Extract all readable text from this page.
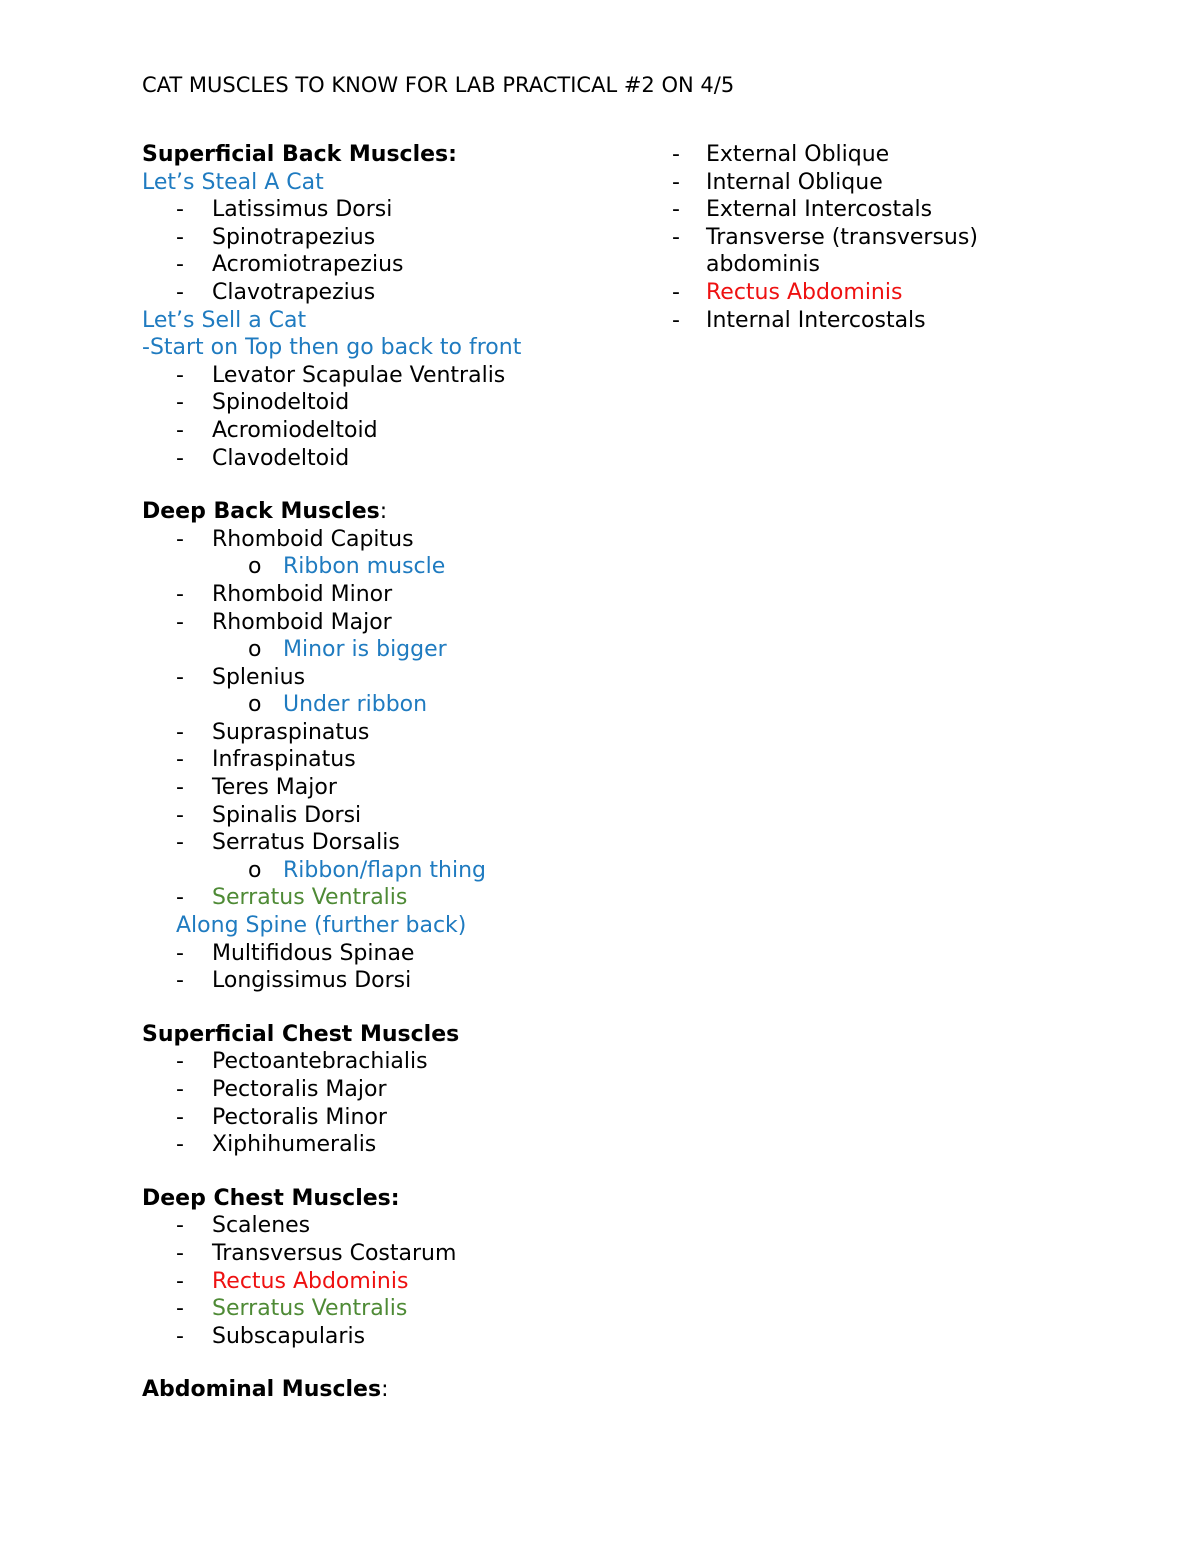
CAT MUSCLES TO KNOW FOR LAB PRACTICAL #2 ON 4/5
Superficial Back Muscles:
Let’s Steal A Cat
- Latissimus Dorsi
- Spinotrapezius
- Acromiotrapezius
- Clavotrapezius
Let’s Sell a Cat
-Start on Top then go back to front
- Levator Scapulae Ventralis
- Spinodeltoid
- Acromiodeltoid
- Clavodeltoid
Deep Back Muscles:
- Rhomboid Capitus
o Ribbon muscle
- Rhomboid Minor
- Rhomboid Major
o Minor is bigger
- Splenius
o Under ribbon
- Supraspinatus
- Infraspinatus
- Teres Major
- Spinalis Dorsi
- Serratus Dorsalis
o Ribbon/flapn thing
- Serratus Ventralis
Along Spine (further back)
- Multifidous Spinae
- Longissimus Dorsi
Superficial Chest Muscles
- Pectoantebrachialis
- Pectoralis Major
- Pectoralis Minor
- Xiphihumeralis
Deep Chest Muscles:
- Scalenes
- Transversus Costarum
- Rectus Abdominis
- Serratus Ventralis
- Subscapularis
Abdominal Muscles:
- External Oblique
- Internal Oblique
- External Intercostals
- Transverse (transversus)
abdominis
- Rectus Abdominis
- Internal Intercostals
